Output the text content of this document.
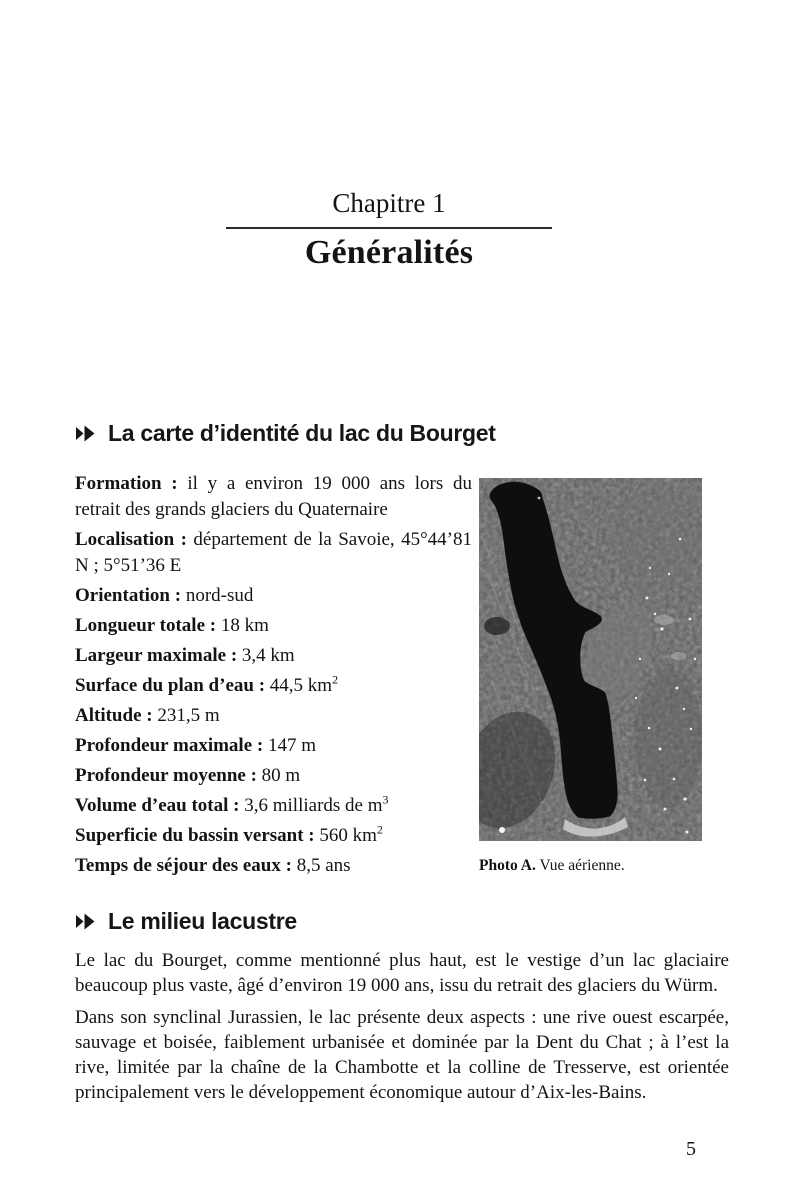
Chapitre 1
Généralités
La carte d’identité du lac du Bourget

Formation : il y a environ 19 000 ans lors du retrait des grands glaciers du Quaternaire

Localisation : département de la Savoie, 45°44’81 N ; 5°51’36 E

Orientation : nord-sud

Longueur totale : 18 km

Largeur maximale : 3,4 km

Surface du plan d’eau : 44,5 $km^2$

Altitude : 231,5 m

Profondeur maximale : 147 m

Profondeur moyenne : 80 m

Volume d’eau total : 3,6 milliards de $m^3$

Superficie du bassin versant : 560 $km^2$

Temps de séjour des eaux : 8,5 ans	Photo A. Vue aérienne.
Le milieu lacustre

Le lac du Bourget, comme mentionné plus haut, est le vestige d’un lac glaciaire beaucoup plus vaste, âgé d’environ 19 000 ans, issu du retrait des glaciers du Würm.

Dans son synclinal Jurassien, le lac présente deux aspects : une rive ouest escarpée, sauvage et boisée, faiblement urbanisée et dominée par la Dent du Chat ; à l’est la rive, limitée par la chaîne de la Chambotte et la colline de Tresserve, est orientée principalement vers le développement économique autour d’Aix-les-Bains.

5
